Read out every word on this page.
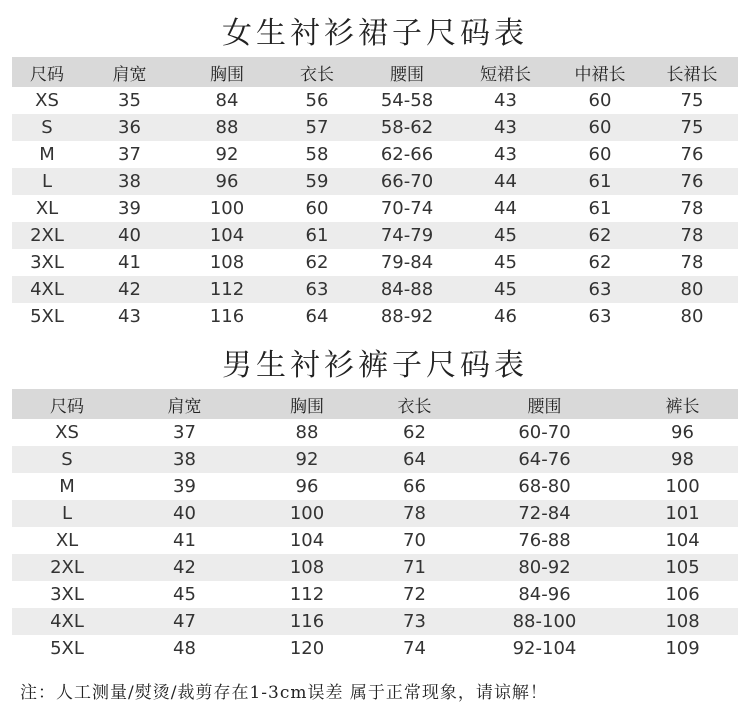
女生衬衫裙子尺码表
尺码	肩宽	胸围	衣长	腰围	短裙长	中裙长	长裙长
XS	35	84	56	54-58	43	60	75
S	36	88	57	58-62	43	60	75
M	37	92	58	62-66	43	60	76
L	38	96	59	66-70	44	61	76
XL	39	100	60	70-74	44	61	78
2XL	40	104	61	74-79	45	62	78
3XL	41	108	62	79-84	45	62	78
4XL	42	112	63	84-88	45	63	80
5XL	43	116	64	88-92	46	63	80
男生衬衫裤子尺码表
尺码	肩宽	胸围	衣长	腰围	裤长
XS	37	88	62	60-70	96
S	38	92	64	64-76	98
M	39	96	66	68-80	100
L	40	100	78	72-84	101
XL	41	104	70	76-88	104
2XL	42	108	71	80-92	105
3XL	45	112	72	84-96	106
4XL	47	116	73	88-100	108
5XL	48	120	74	92-104	109
注：人工测量/熨烫/裁剪存在1-3cm误差 属于正常现象，请谅解！
